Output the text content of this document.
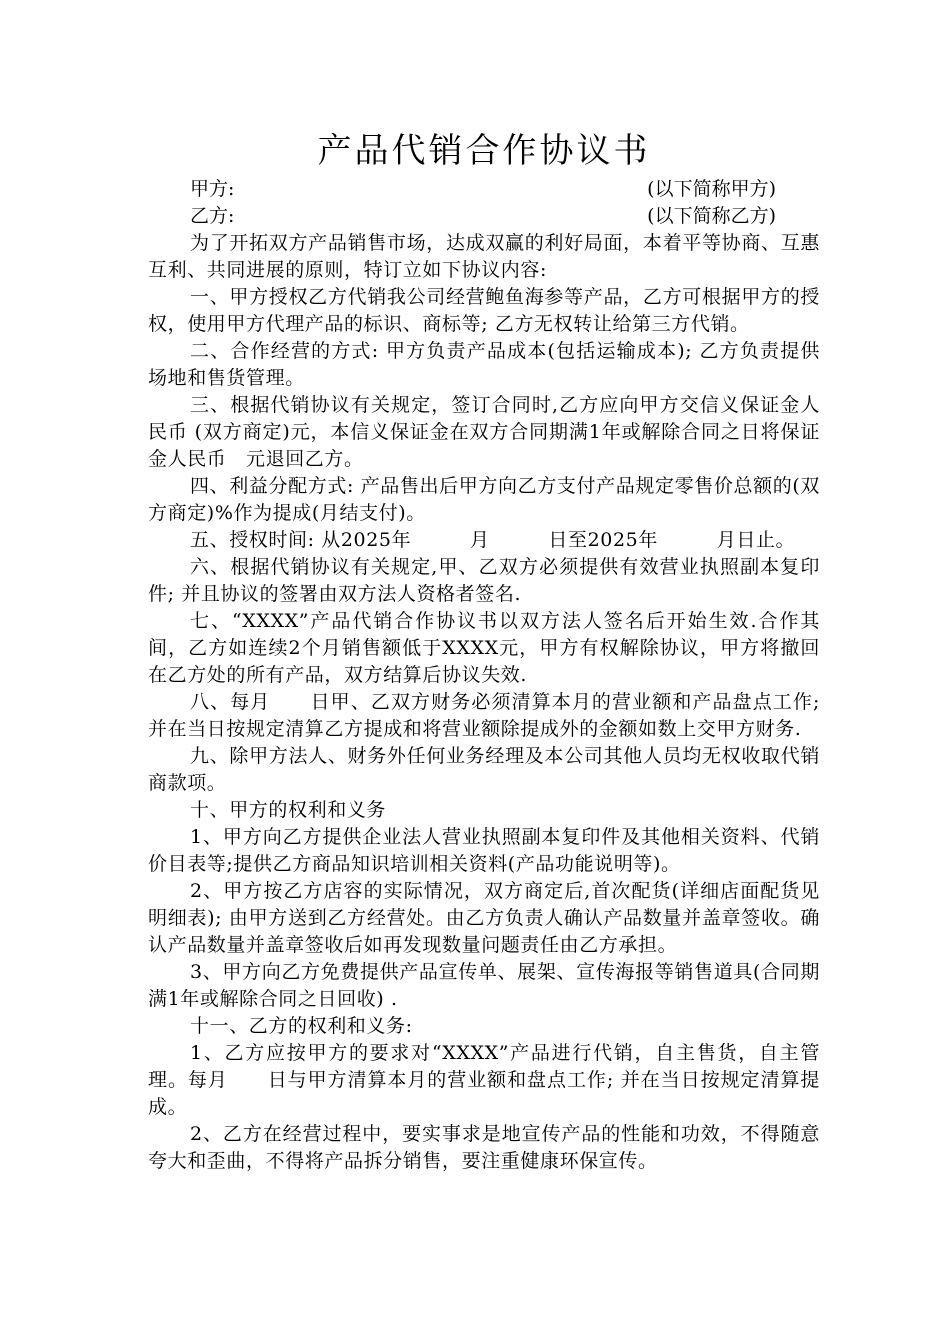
产品代销合作协议书
甲方:	(以下简称甲方)
乙方:	(以下简称乙方)

为了开拓双方产品销售市场，达成双赢的利好局面，本着平等协商、互惠互利、共同进展的原则，特订立如下协议内容:

一、甲方授权乙方代销我公司经营鲍鱼海参等产品，乙方可根据甲方的授权，使用甲方代理产品的标识、商标等; 乙方无权转让给第三方代销。

二、合作经营的方式: 甲方负责产品成本(包括运输成本); 乙方负责提供场地和售货管理。

三、根据代销协议有关规定，签订合同时,乙方应向甲方交信义保证金人民币 (双方商定)元，本信义保证金在双方合同期满1年或解除合同之日将保证金人民币　元退回乙方。

四、利益分配方式: 产品售出后甲方向乙方支付产品规定零售价总额的(双方商定)%作为提成(月结支付)。

五、授权时间: 从2025年　　　月　　　日至2025年　　　月日止。

六、根据代销协议有关规定,甲、乙双方必须提供有效营业执照副本复印件; 并且协议的签署由双方法人资格者签名.

七、“XXXX”产品代销合作协议书以双方法人签名后开始生效.合作其间，乙方如连续2个月销售额低于XXXX元，甲方有权解除协议，甲方将撤回在乙方处的所有产品，双方结算后协议失效.

八、每月　　日甲、乙双方财务必须清算本月的营业额和产品盘点工作; 并在当日按规定清算乙方提成和将营业额除提成外的金额如数上交甲方财务.

九、除甲方法人、财务外任何业务经理及本公司其他人员均无权收取代销商款项。

十、甲方的权利和义务

1、甲方向乙方提供企业法人营业执照副本复印件及其他相关资料、代销价目表等;提供乙方商品知识培训相关资料(产品功能说明等)。

2、甲方按乙方店容的实际情况，双方商定后,首次配货(详细店面配货见明细表); 由甲方送到乙方经营处。由乙方负责人确认产品数量并盖章签收。确认产品数量并盖章签收后如再发现数量问题责任由乙方承担。

3、甲方向乙方免费提供产品宣传单、展架、宣传海报等销售道具(合同期满1年或解除合同之日回收) .

十一、乙方的权利和义务:

1、乙方应按甲方的要求对“XXXX”产品进行代销，自主售货，自主管理。每月　　日与甲方清算本月的营业额和盘点工作; 并在当日按规定清算提成。

2、乙方在经营过程中，要实事求是地宣传产品的性能和功效，不得随意夸大和歪曲，不得将产品拆分销售，要注重健康环保宣传。
